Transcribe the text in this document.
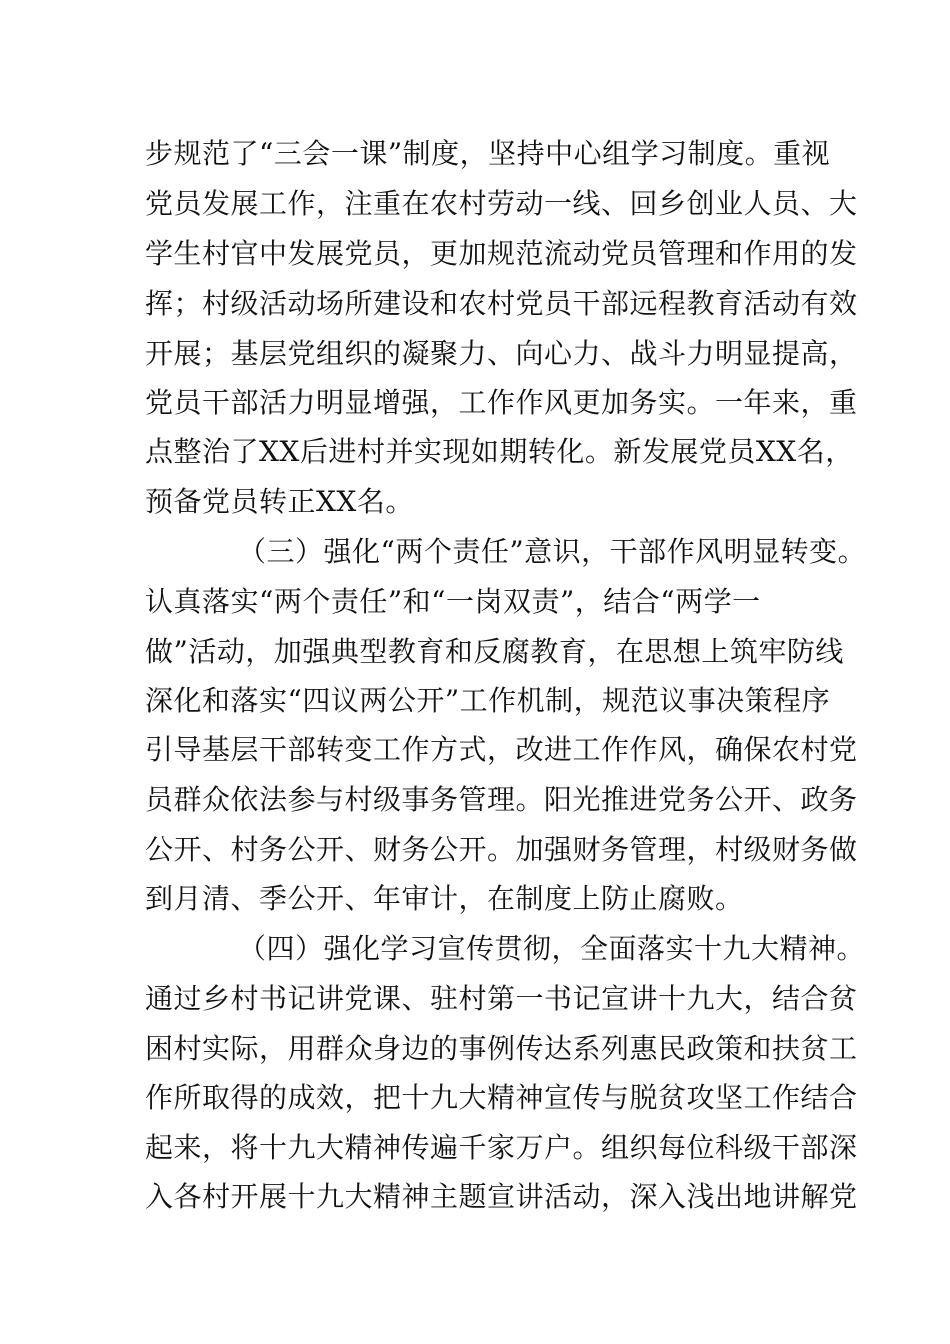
步规范了“三会一课”制度，坚持中心组学习制度。重视
党员发展工作，注重在农村劳动一线、回乡创业人员、大
学生村官中发展党员，更加规范流动党员管理和作用的发
挥；村级活动场所建设和农村党员干部远程教育活动有效
开展；基层党组织的凝聚力、向心力、战斗力明显提高，
党员干部活力明显增强，工作作风更加务实。一年来，重
点整治了XX后进村并实现如期转化。新发展党员XX名，
预备党员转正XX名。
（三）强化“两个责任”意识，干部作风明显转变。
认真落实“两个责任”和“一岗双责”，结合“两学一
做”活动，加强典型教育和反腐教育，在思想上筑牢防线
深化和落实“四议两公开”工作机制，规范议事决策程序
引导基层干部转变工作方式，改进工作作风，确保农村党
员群众依法参与村级事务管理。阳光推进党务公开、政务
公开、村务公开、财务公开。加强财务管理，村级财务做
到月清、季公开、年审计，在制度上防止腐败。
（四）强化学习宣传贯彻，全面落实十九大精神。
通过乡村书记讲党课、驻村第一书记宣讲十九大，结合贫
困村实际，用群众身边的事例传达系列惠民政策和扶贫工
作所取得的成效，把十九大精神宣传与脱贫攻坚工作结合
起来，将十九大精神传遍千家万户。组织每位科级干部深
入各村开展十九大精神主题宣讲活动，深入浅出地讲解党
